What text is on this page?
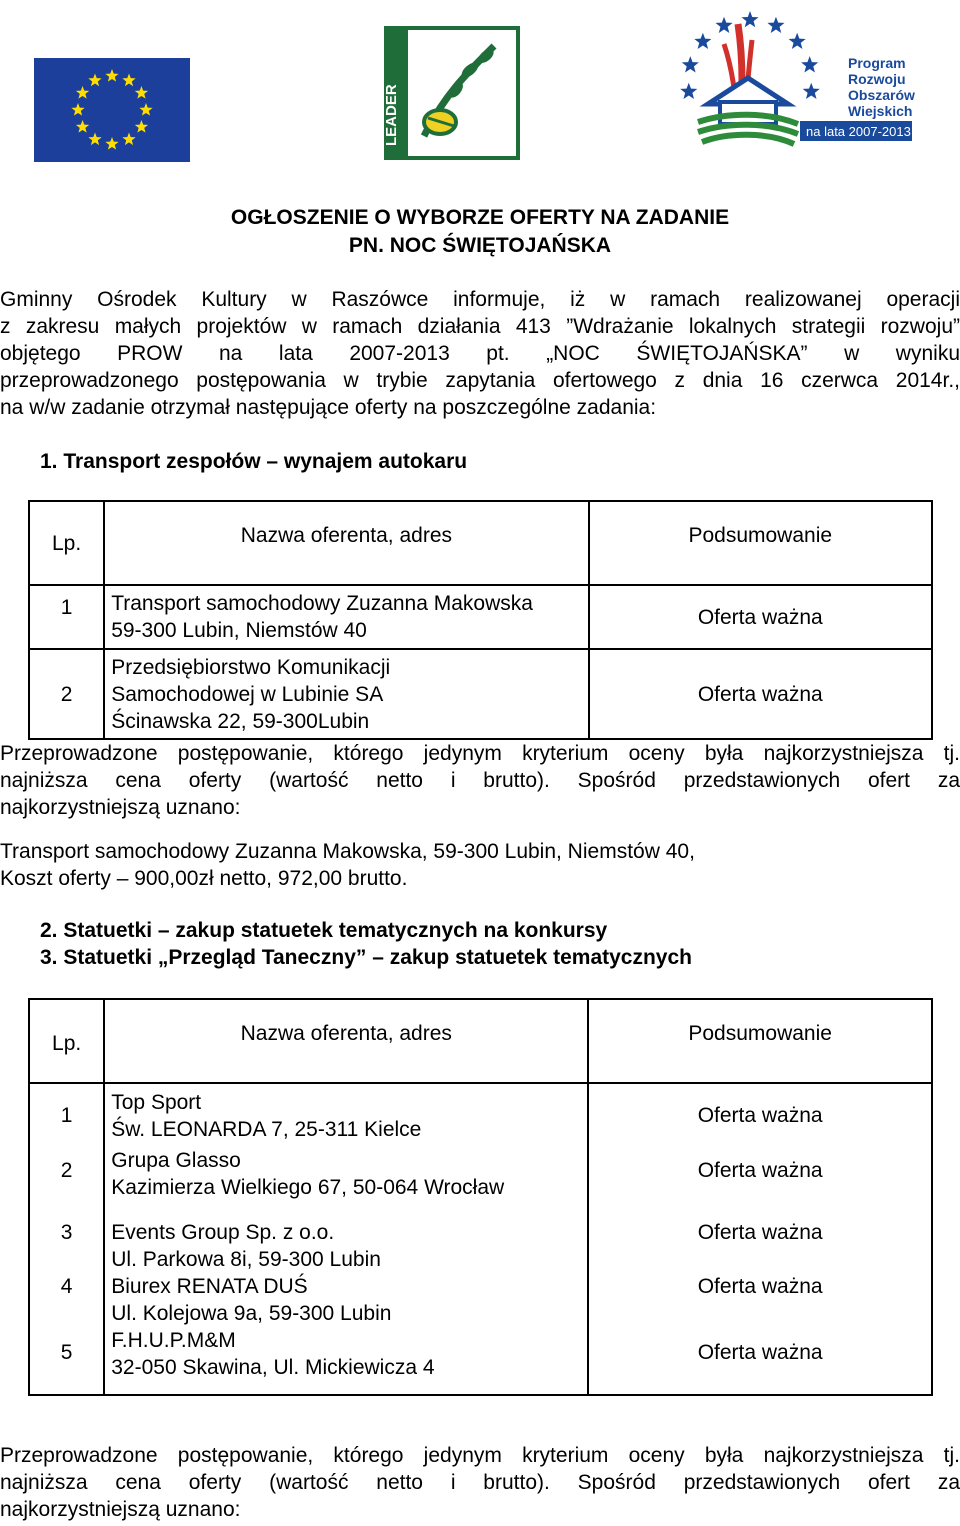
LEADER
Program
Rozwoju
Obszarów
Wiejskich
na lata 2007-2013
OGŁOSZENIE O WYBORZE OFERTY NA ZADANIE
PN. NOC ŚWIĘTOJAŃSKA
Gminny Ośrodek Kultury w Raszówce informuje, iż w ramach realizowanej operacji
z zakresu małych projektów w ramach działania 413 ”Wdrażanie lokalnych strategii rozwoju”
objętego PROW na lata 2007-2013 pt. „NOC ŚWIĘTOJAŃSKA” w wyniku
przeprowadzonego postępowania w trybie zapytania ofertowego z dnia 16 czerwca 2014r.,
na w/w zadanie otrzymał następujące oferty na poszczególne zadania:
1. Transport zespołów – wynajem autokaru
Lp.	Nazwa oferenta, adres	Podsumowanie
1	Transport samochodowy Zuzanna Makowska
59-300 Lubin, Niemstów 40	Oferta ważna
2	Przedsiębiorstwo Komunikacji
Samochodowej w Lubinie SA
Ścinawska 22, 59-300Lubin	Oferta ważna
Przeprowadzone postępowanie, którego jedynym kryterium oceny była najkorzystniejsza tj.
najniższa cena oferty (wartość netto i brutto). Spośród przedstawionych ofert za
najkorzystniejszą uznano:
Transport samochodowy Zuzanna Makowska, 59-300 Lubin, Niemstów 40,
Koszt oferty – 900,00zł netto, 972,00 brutto.
2. Statuetki – zakup statuetek tematycznych na konkursy
3. Statuetki „Przegląd Taneczny” – zakup statuetek tematycznych
Lp.	Nazwa oferenta, adres	Podsumowanie
1	Top Sport
Św. LEONARDA 7, 25-311 Kielce	Oferta ważna
2	Grupa Glasso
Kazimierza Wielkiego 67, 50-064 Wrocław	Oferta ważna
3	Events Group Sp. z o.o.
Ul. Parkowa 8i, 59-300 Lubin	Oferta ważna
4	Biurex RENATA DUŚ
Ul. Kolejowa 9a, 59-300 Lubin	Oferta ważna
5	F.H.U.P.M&M
32-050 Skawina, Ul. Mickiewicza 4	Oferta ważna
Przeprowadzone postępowanie, którego jedynym kryterium oceny była najkorzystniejsza tj.
najniższa cena oferty (wartość netto i brutto). Spośród przedstawionych ofert za
najkorzystniejszą uznano:
